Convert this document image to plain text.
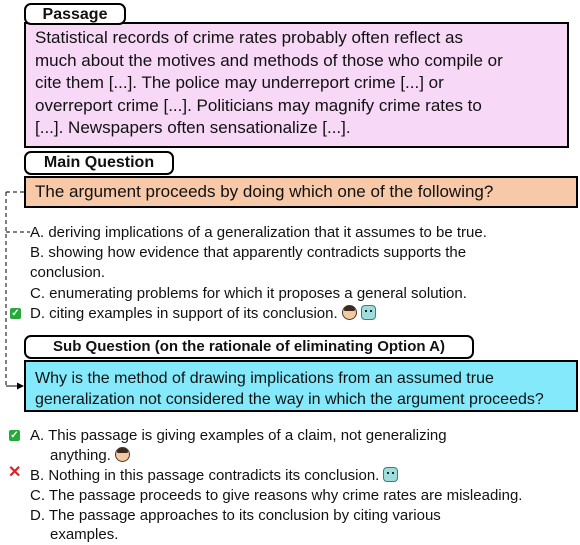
Statistical records of crime rates probably often reflect as
much about the motives and methods of those who compile or
cite them [...]. The police may underreport crime [...] or
overreport crime [...]. Politicians may magnify crime rates to
[...]. Newspapers often sensationalize [...].
Passage
The argument proceeds by doing which one of the following?
Main Question
A. deriving implications of a generalization that it assumes to be true.
B. showing how evidence that apparently contradicts supports the
conclusion.
C. enumerating problems for which it proposes a general solution.
D. citing examples in support of its conclusion.
✓
Why is the method of drawing implications from an assumed true
generalization not considered the way in which the argument proceeds?
Sub Question (on the rationale of eliminating Option A)
✓ A. This passage is giving examples of a claim, not generalizing
anything.
✕ B. Nothing in this passage contradicts its conclusion.
C. The passage proceeds to give reasons why crime rates are misleading.
D. The passage approaches to its conclusion by citing various
examples.
